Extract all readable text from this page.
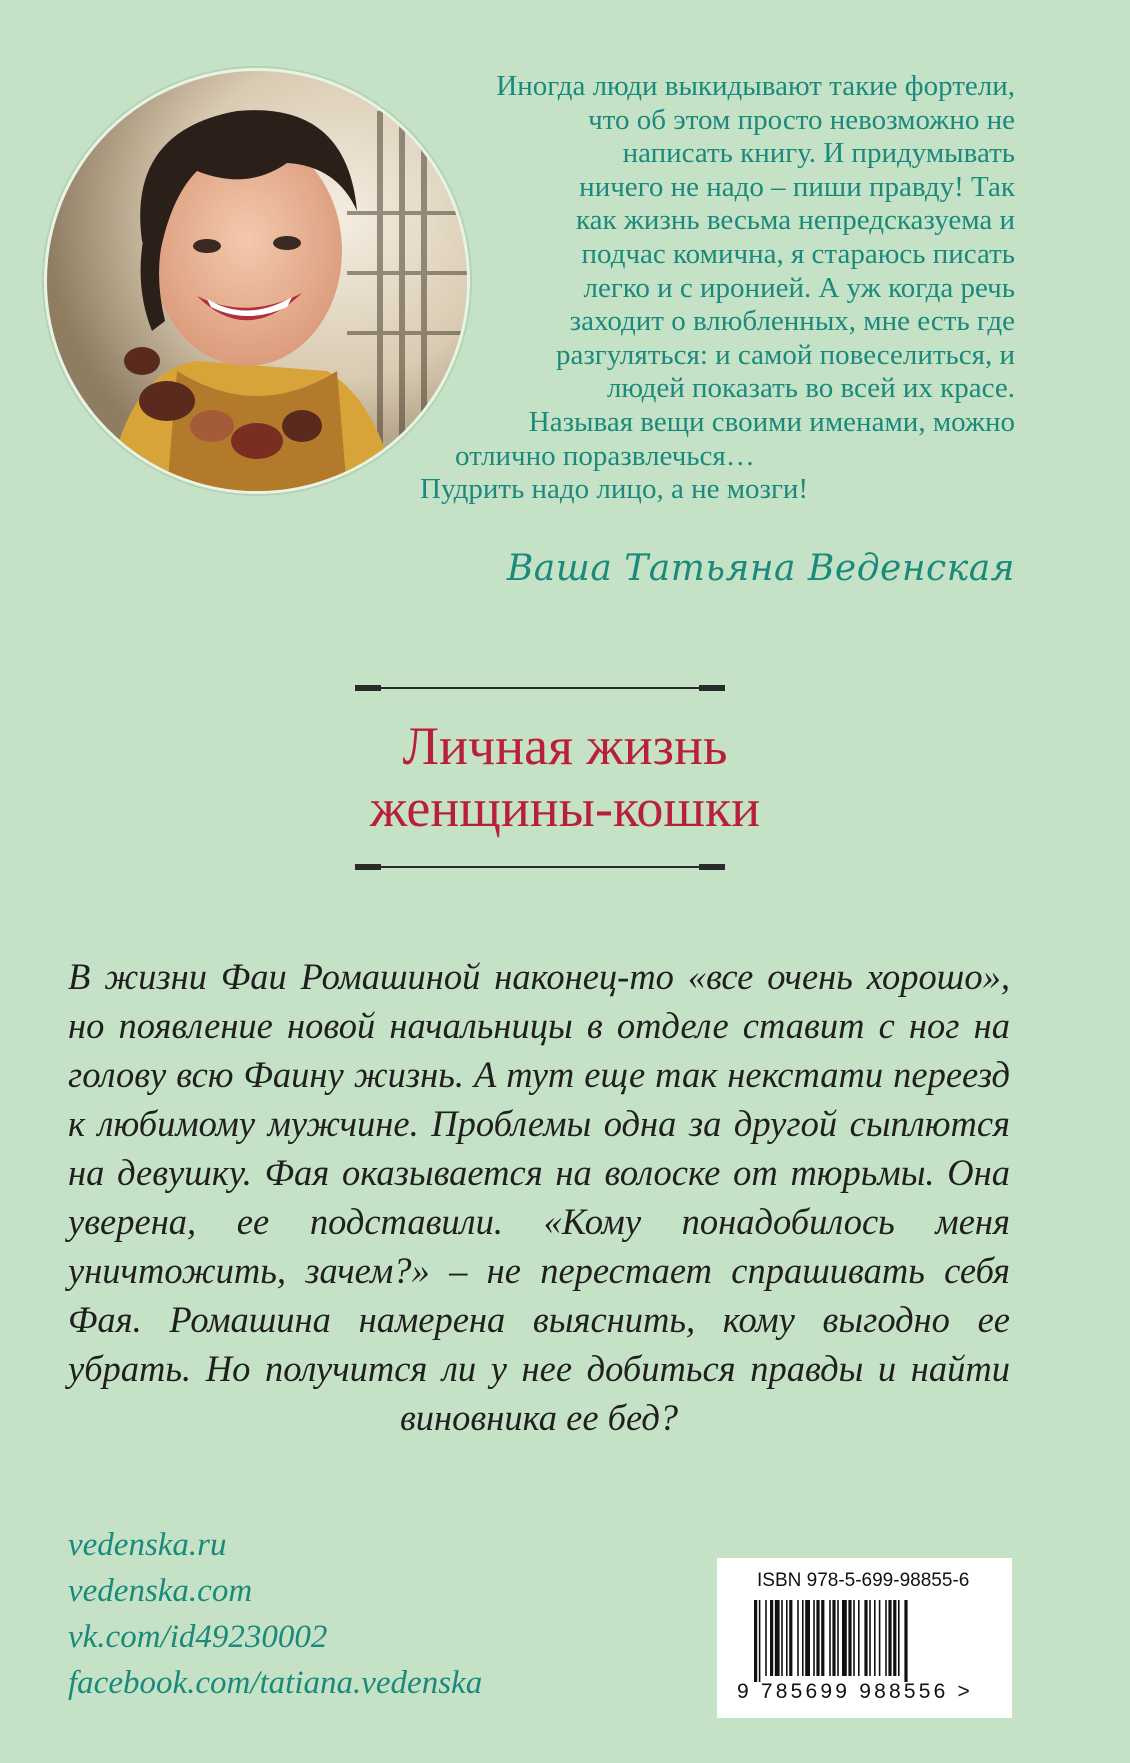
Иногда люди выкидывают такие фортели,

что об этом просто невозможно не

написать книгу. И придумывать

ничего не надо – пиши правду! Так

как жизнь весьма непредсказуема и

подчас комична, я стараюсь писать

легко и с иронией. А уж когда речь

заходит о влюбленных, мне есть где

разгуляться: и самой повеселиться, и

людей показать во всей их красе.

Называя вещи своими именами, можно

отлично поразвлечься…

Пудрить надо лицо, а не мозги!

Ваша Татьяна Веденская
Личная жизнь
женщины-кошки
В жизни Фаи Ромашиной наконец-то «все очень хорошо», но появление новой начальницы в отделе ставит с ног на голову всю Фаину жизнь. А тут еще так некстати переезд к любимому мужчине. Проблемы одна за другой сыплются на девушку. Фая оказывается на волоске от тюрьмы. Она уверена, ее подставили. «Кому понадобилось меня уничтожить, зачем?» – не перестает спрашивать себя Фая. Ромашина намерена выяснить, кому выгодно ее убрать. Но получится ли у нее добиться правды и найти виновника ее бед?
vedenska.ru
vedenska.com
vk.com/id49230002
facebook.com/tatiana.vedenska
ISBN 978-5-699-98855-6
9 785699 988556 >
